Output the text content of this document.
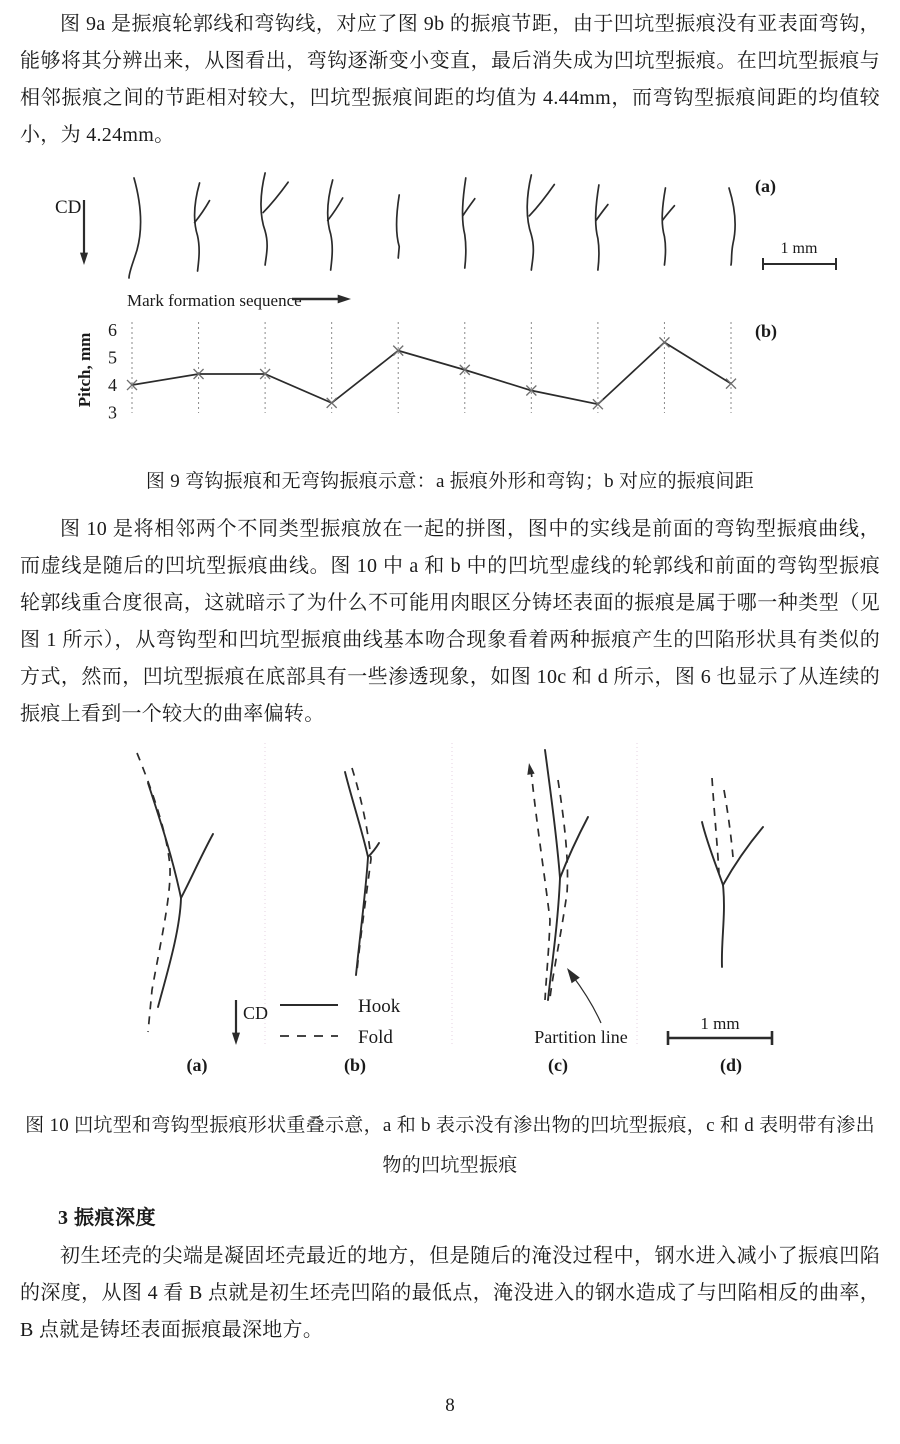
图 9a 是振痕轮郭线和弯钩线，对应了图 9b 的振痕节距，由于凹坑型振痕没有亚表面弯钩，能够将其分辨出来，从图看出，弯钩逐渐变小变直，最后消失成为凹坑型振痕。在凹坑型振痕与相邻振痕之间的节距相对较大，凹坑型振痕间距的均值为 4.44mm，而弯钩型振痕间距的均值较小，为 4.24mm。

CD
(a)
1 mm
Mark formation sequence
Pitch, mm
6
5
4
3
(b)

图 9 弯钩振痕和无弯钩振痕示意：a 振痕外形和弯钩；b 对应的振痕间距

图 10 是将相邻两个不同类型振痕放在一起的拼图，图中的实线是前面的弯钩型振痕曲线，而虚线是随后的凹坑型振痕曲线。图 10 中 a 和 b 中的凹坑型虚线的轮郭线和前面的弯钩型振痕轮郭线重合度很高，这就暗示了为什么不可能用肉眼区分铸坯表面的振痕是属于哪一种类型（见图 1 所示），从弯钩型和凹坑型振痕曲线基本吻合现象看着两种振痕产生的凹陷形状具有类似的方式，然而，凹坑型振痕在底部具有一些渗透现象，如图 10c 和 d 所示，图 6 也显示了从连续的振痕上看到一个较大的曲率偏转。

Partition line
1 mm
CD	Hook
Fold
(a)	(b)	(c)	(d)

图 10 凹坑型和弯钩型振痕形状重叠示意，a 和 b 表示没有渗出物的凹坑型振痕，c 和 d 表明带有渗出物的凹坑型振痕

3 振痕深度

初生坯壳的尖端是凝固坯壳最近的地方，但是随后的淹没过程中，钢水进入减小了振痕凹陷的深度，从图 4 看 B 点就是初生坯壳凹陷的最低点，淹没进入的钢水造成了与凹陷相反的曲率，B 点就是铸坯表面振痕最深地方。

8
